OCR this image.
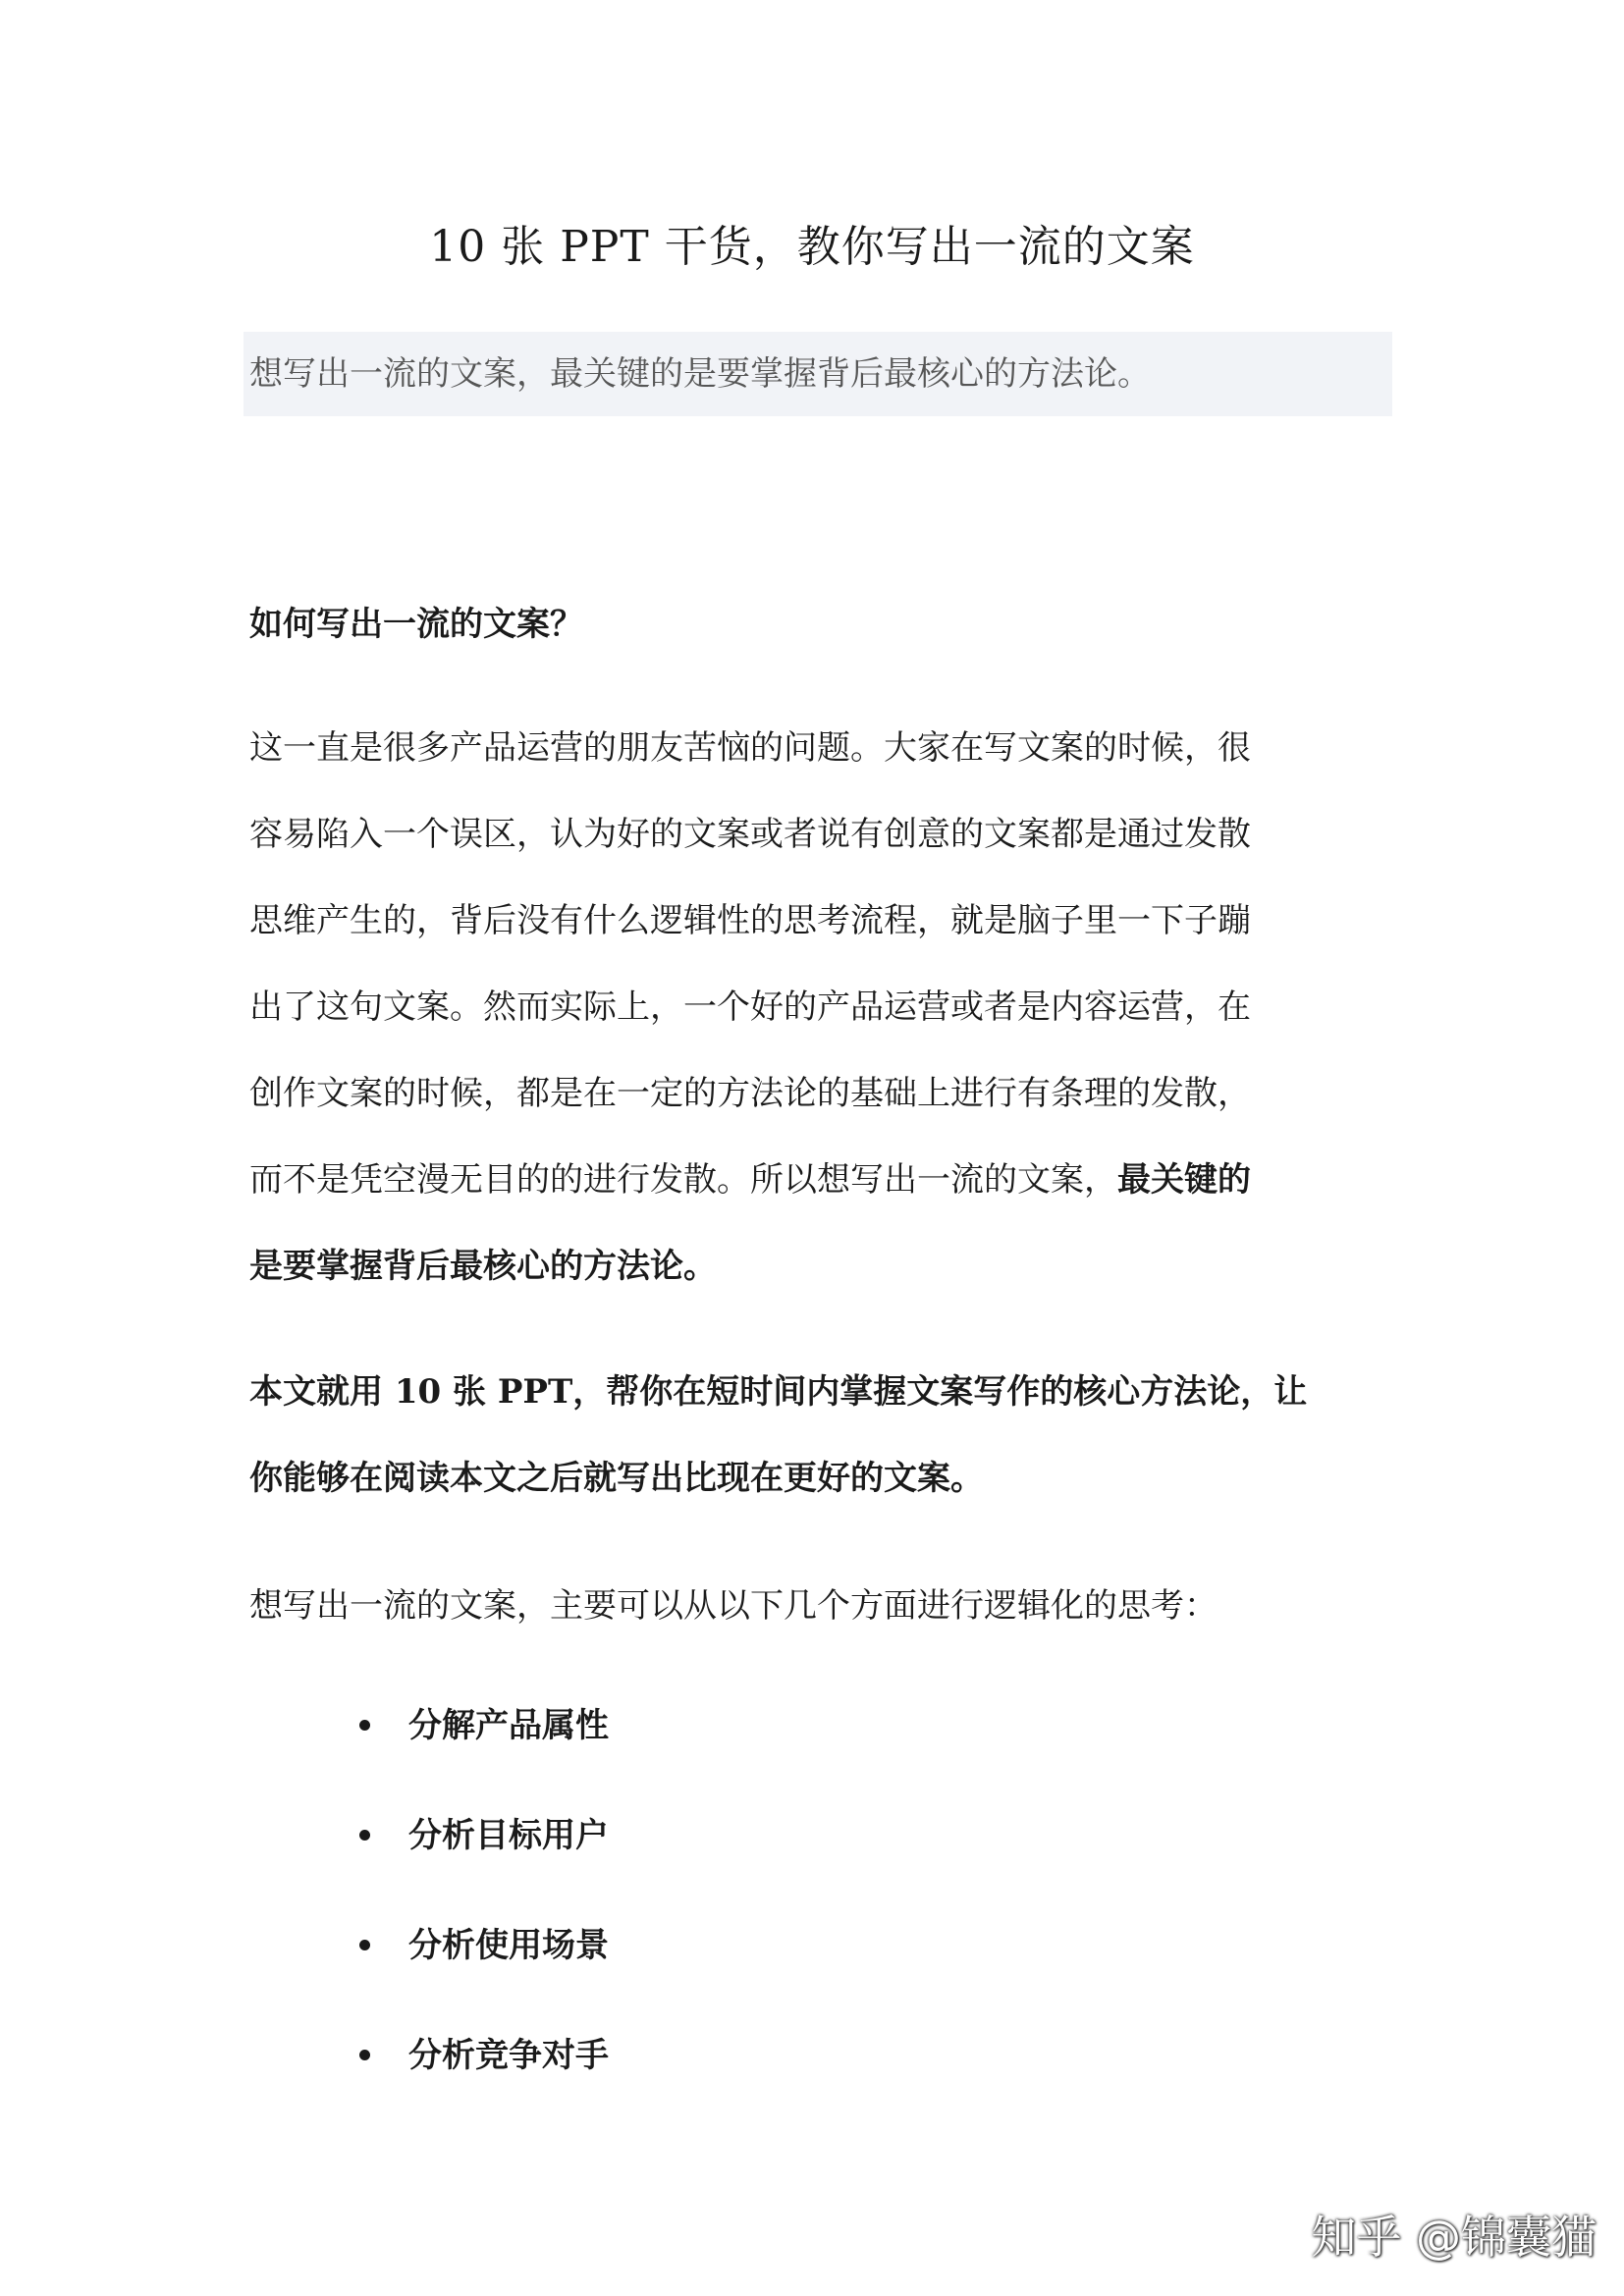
10 张 PPT 干货，教你写出一流的文案
想写出一流的文案，最关键的是要掌握背后最核心的方法论。
如何写出一流的文案？
这一直是很多产品运营的朋友苦恼的问题。大家在写文案的时候，很
容易陷入一个误区，认为好的文案或者说有创意的文案都是通过发散
思维产生的，背后没有什么逻辑性的思考流程，就是脑子里一下子蹦
出了这句文案。然而实际上，一个好的产品运营或者是内容运营，在
创作文案的时候，都是在一定的方法论的基础上进行有条理的发散，
而不是凭空漫无目的的进行发散。所以想写出一流的文案，最关键的
是要掌握背后最核心的方法论。
本文就用 10 张 PPT，帮你在短时间内掌握文案写作的核心方法论，让
你能够在阅读本文之后就写出比现在更好的文案。
想写出一流的文案，主要可以从以下几个方面进行逻辑化的思考：
分解产品属性
分析目标用户
分析使用场景
分析竞争对手
知乎 @锦囊猫
